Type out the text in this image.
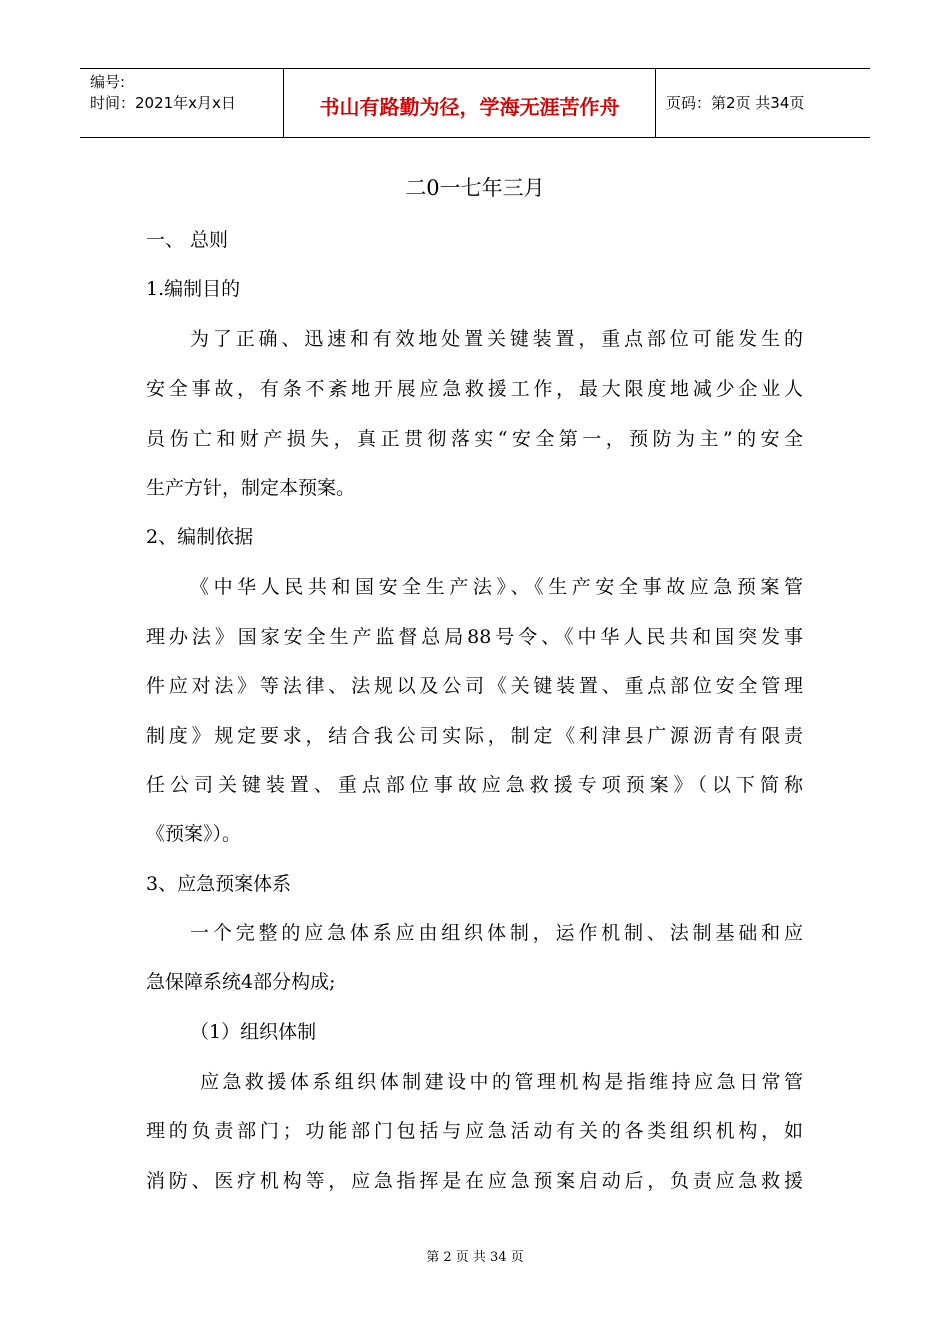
编号:
时间：2021年x月x日	书山有路勤为径，学海无涯苦作舟	页码：第2页 共34页
二0一七年三月
一、 总则
1.编制目的
为了正确、迅速和有效地处置关键装置，重点部位可能发生的
安全事故，有条不紊地开展应急救援工作，最大限度地减少企业人
员伤亡和财产损失，真正贯彻落实“安全第一，预防为主”的安全
生产方针，制定本预案。
2、编制依据
《中华人民共和国安全生产法》、《生产安全事故应急预案管
理办法》国家安全生产监督总局88号令、《中华人民共和国突发事
件应对法》等法律、法规以及公司《关键装置、重点部位安全管理
制度》规定要求，结合我公司实际，制定《利津县广源沥青有限责
任公司关键装置、重点部位事故应急救援专项预案》（以下简称
《预案》）。
3、应急预案体系
一个完整的应急体系应由组织体制，运作机制、法制基础和应
急保障系统4部分构成;
（1）组织体制
应急救援体系组织体制建设中的管理机构是指维持应急日常管
理的负责部门；功能部门包括与应急活动有关的各类组织机构，如
消防、医疗机构等，应急指挥是在应急预案启动后，负责应急救援
第 2 页 共 34 页
